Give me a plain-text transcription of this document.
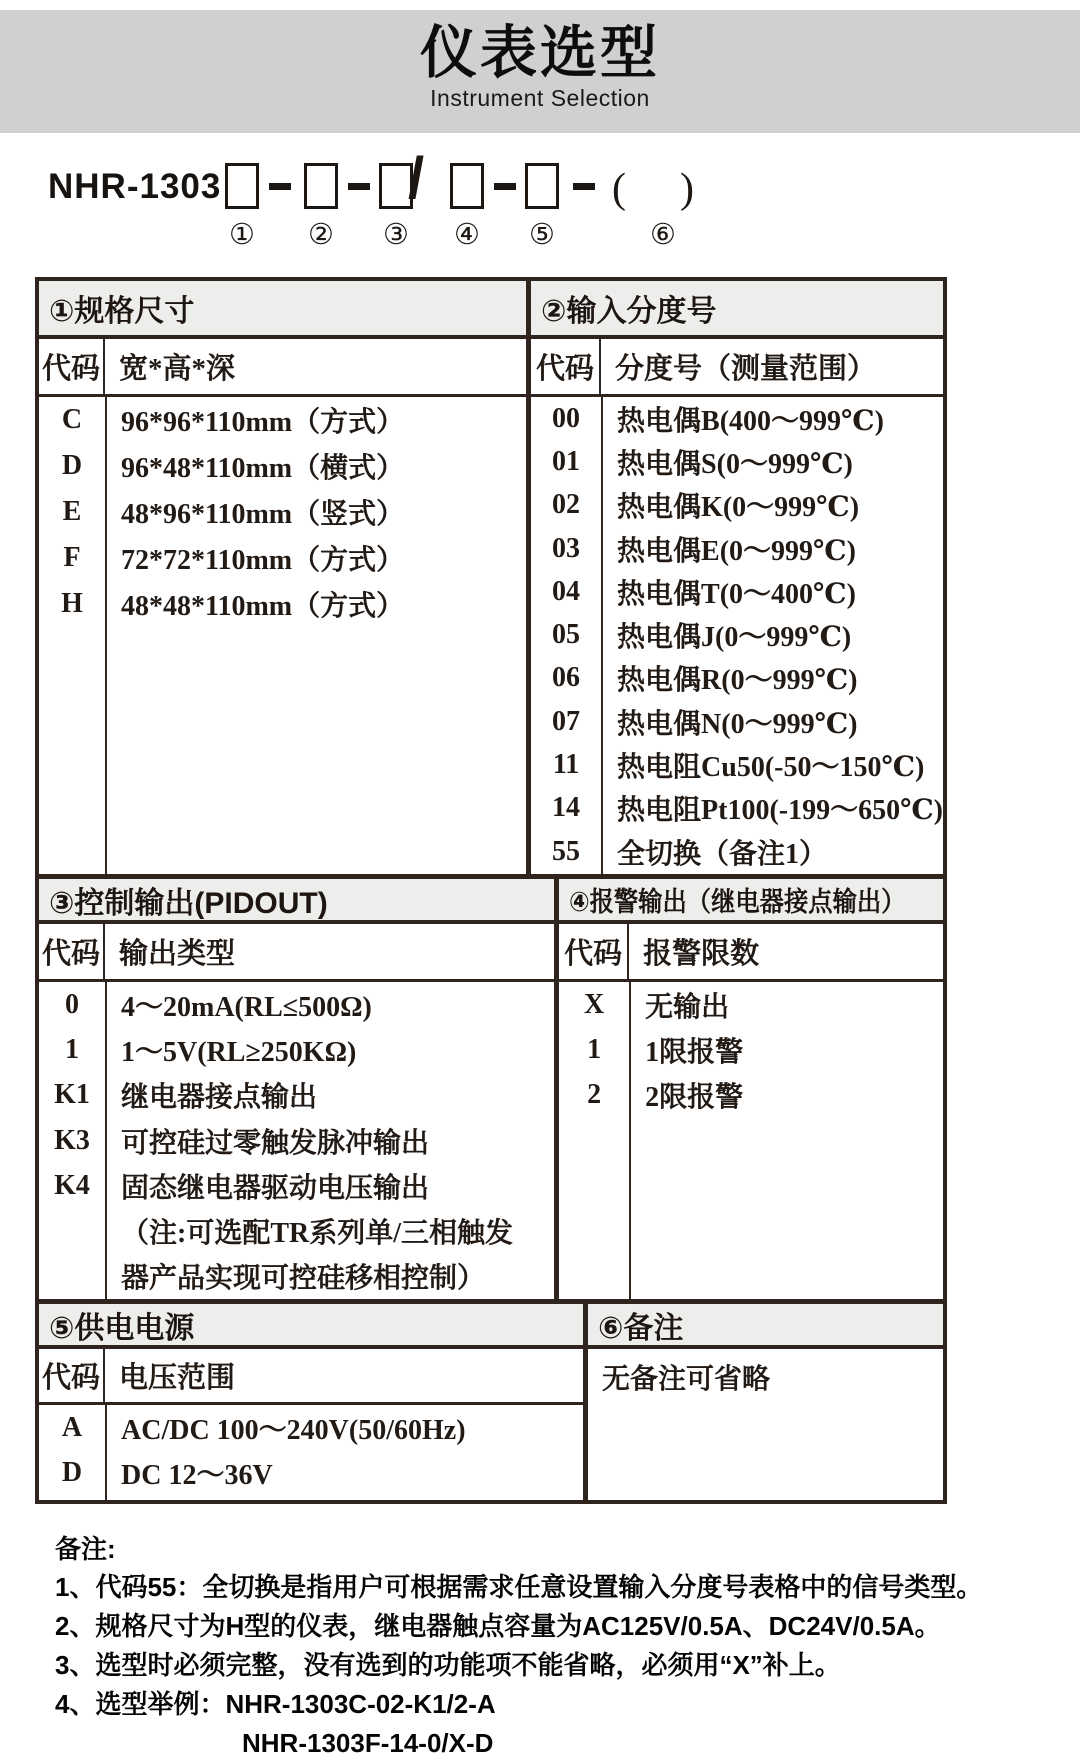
仪表选型
Instrument Selection
NHR-1303	/	(　)
① ② ③ ④ ⑤	⑥
①规格尺寸
代码 宽*高*深
C	96*96*110mm（方式）
D	96*48*110mm（横式）
E	48*96*110mm（竖式）
F	72*72*110mm（方式）
H	48*48*110mm（方式）
②输入分度号
代码 分度号（测量范围）
00	热电偶B(400～999℃)
01	热电偶S(0～999℃)
02	热电偶K(0～999℃)
03	热电偶E(0～999℃)
04	热电偶T(0～400℃)
05	热电偶J(0～999℃)
06	热电偶R(0～999℃)
07	热电偶N(0～999℃)
11	热电阻Cu50(-50～150℃)
14	热电阻Pt100(-199～650℃)
55	全切换（备注1）
③控制输出(PIDOUT)
代码 输出类型
0	4～20mA(RL≤500Ω)
1	1～5V(RL≥250KΩ)
K1	继电器接点输出
K3	可控硅过零触发脉冲输出
K4	固态继电器驱动电压输出
（注:可选配TR系列单/三相触发
器产品实现可控硅移相控制）
④报警输出（继电器接点输出）
代码 报警限数
X	无输出
1	1限报警
2	2限报警
⑤供电电源
代码 电压范围
A	AC/DC 100～240V(50/60Hz)
D	DC 12～36V
⑥备注
无备注可省略
备注:
1、代码55：全切换是指用户可根据需求任意设置输入分度号表格中的信号类型。
2、规格尺寸为H型的仪表，继电器触点容量为AC125V/0.5A、DC24V/0.5A。
3、选型时必须完整，没有选到的功能项不能省略，必须用“X”补上。
4、选型举例：NHR-1303C-02-K1/2-A
NHR-1303F-14-0/X-D
